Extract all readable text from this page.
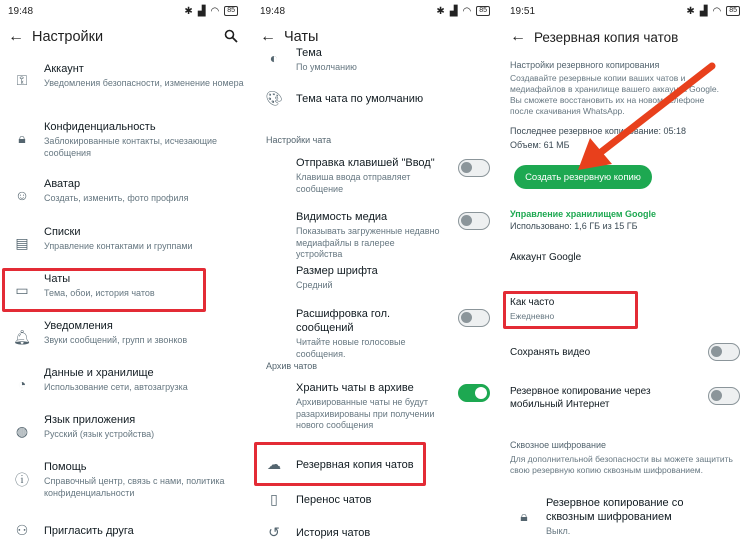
19:48	✱ ▟ ◠	85
← Настройки
⚿
Аккаунт
Уведомления безопасности, изменение номера
🔒︎
Конфиденциальность
Заблокированные контакты, исчезающие сообщения
☺
Аватар
Создать, изменить, фото профиля
▤
Списки
Управление контактами и группами
▭
Чаты
Тема, обои, история чатов
🔔︎
Уведомления
Звуки сообщений, групп и звонков
◔
Данные и хранилище
Использование сети, автозагрузка
◍
Язык приложения
Русский (язык устройства)
ⓘ
Помощь
Справочный центр, связь с нами, политика конфиденциальности
⚇	Пригласить друга
19:48	✱ ▟ ◠	85
← Чаты
◐	Тема
По умолчанию
🎨︎	Тема чата по умолчанию
Настройки чата
Отправка клавишей "Ввод"
Клавиша ввода отправляет сообщение
Видимость медиа
Показывать загруженные недавно медиафайлы в галерее устройства
Размер шрифта
Средний
Расшифровка гол. сообщений
Читайте новые голосовые сообщения.
Архив чатов
Хранить чаты в архиве
Архивированные чаты не будут разархивированы при получении нового сообщения
☁	Резервная копия чатов
▯	Перенос чатов
↺	История чатов
19:51	✱ ▟ ◠	85
← Резервная копия чатов
Настройки резервного копирования
Создавайте резервные копии ваших чатов и медиафайлов в хранилище вашего аккаунта Google. Вы сможете восстановить их на новом телефоне после скачивания WhatsApp.
Последнее резервное копирование: 05:18
Объем: 61 МБ
Создать резервную копию
Управление хранилищем Google
Использовано: 1,6 ГБ из 15 ГБ
Аккаунт Google
Как часто
Ежедневно
Сохранять видео
Резервное копирование через мобильный Интернет
Сквозное шифрование
Для дополнительной безопасности вы можете защитить свою резервную копию сквозным шифрованием.
🔒︎
Резервное копирование со сквозным шифрованием
Выкл.
